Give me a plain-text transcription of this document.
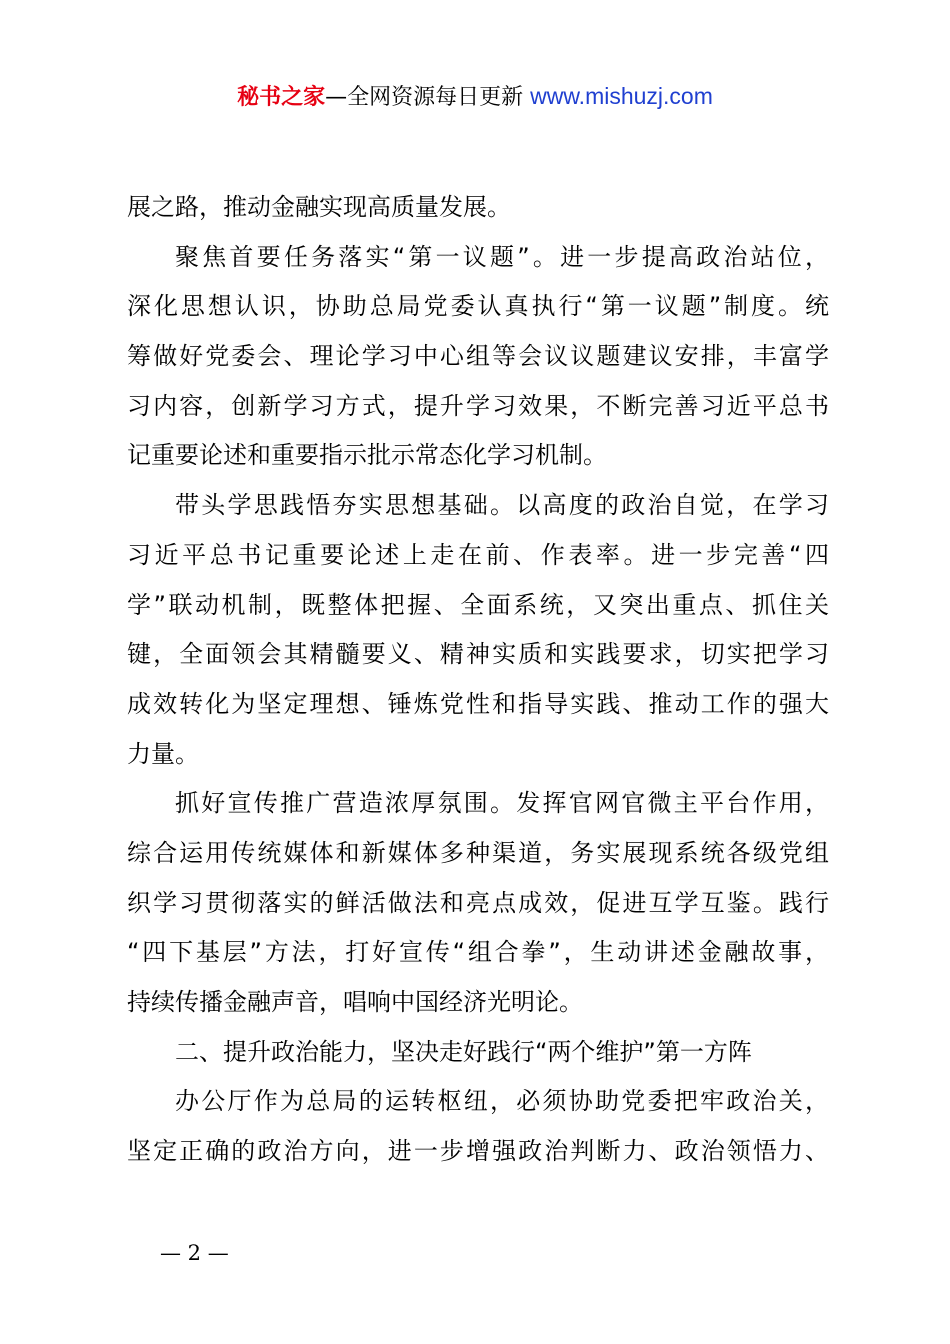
秘书之家—全网资源每日更新 www.mishuzj.com
展之路，推动金融实现高质量发展。
聚焦首要任务落实“第一议题”。进一步提高政治站位，
深化思想认识，协助总局党委认真执行“第一议题”制度。统
筹做好党委会、理论学习中心组等会议议题建议安排，丰富学
习内容，创新学习方式，提升学习效果，不断完善习近平总书
记重要论述和重要指示批示常态化学习机制。
带头学思践悟夯实思想基础。以高度的政治自觉，在学习
习近平总书记重要论述上走在前、作表率。进一步完善“四
学”联动机制，既整体把握、全面系统，又突出重点、抓住关
键，全面领会其精髓要义、精神实质和实践要求，切实把学习
成效转化为坚定理想、锤炼党性和指导实践、推动工作的强大
力量。
抓好宣传推广营造浓厚氛围。发挥官网官微主平台作用，
综合运用传统媒体和新媒体多种渠道，务实展现系统各级党组
织学习贯彻落实的鲜活做法和亮点成效，促进互学互鉴。践行
“四下基层”方法，打好宣传“组合拳”，生动讲述金融故事，
持续传播金融声音，唱响中国经济光明论。
二、提升政治能力，坚决走好践行“两个维护”第一方阵
办公厅作为总局的运转枢纽，必须协助党委把牢政治关，
坚定正确的政治方向，进一步增强政治判断力、政治领悟力、
— 2 —
